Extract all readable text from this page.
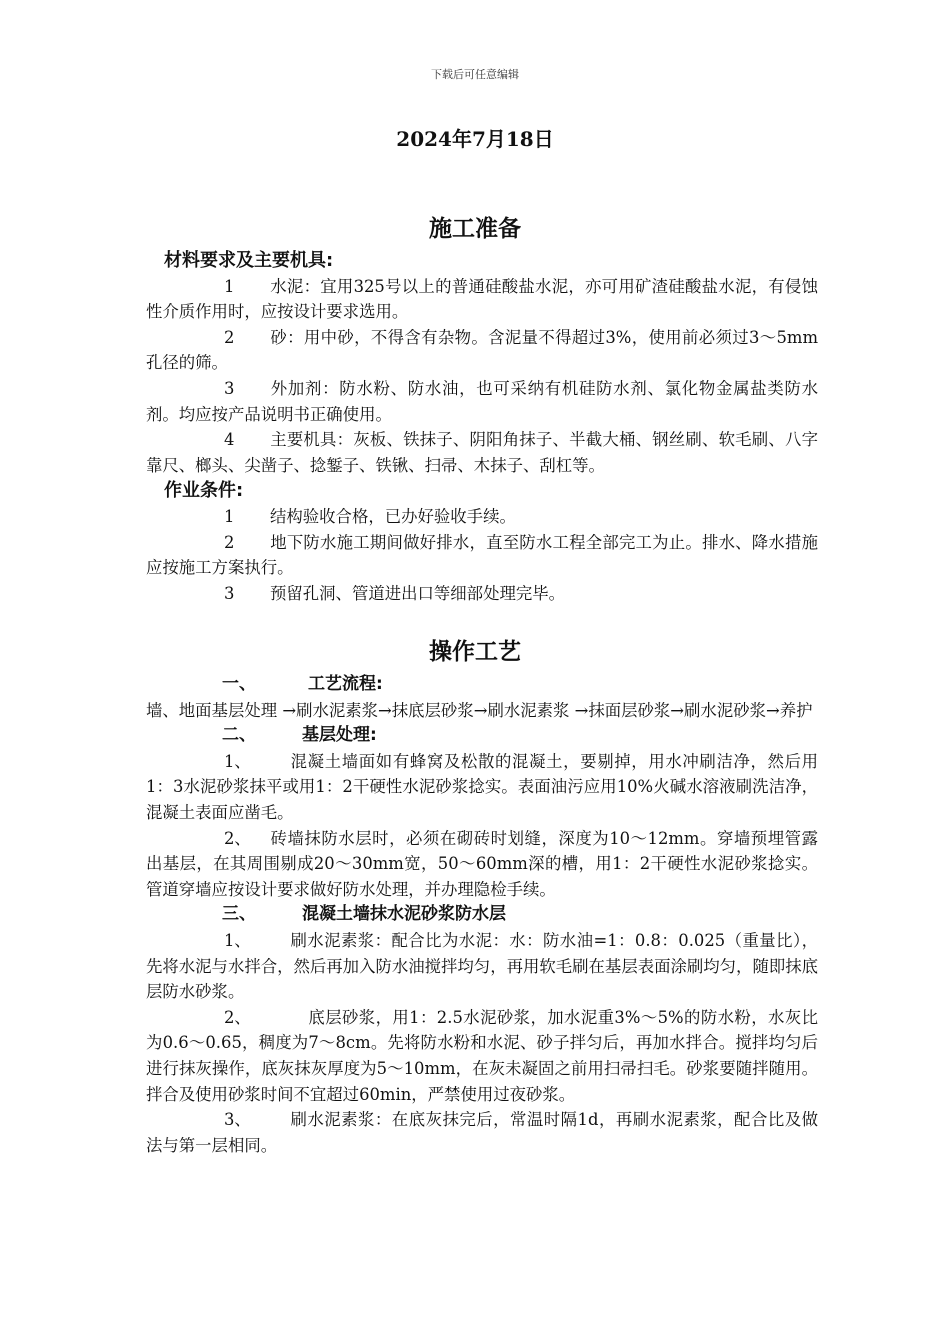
下载后可任意编辑
2024年7月18日
施工准备
材料要求及主要机具:
1 水泥：宜用325号以上的普通硅酸盐水泥，亦可用矿渣硅酸盐水泥，有侵蚀性介质作用时，应按设计要求选用。
2 砂：用中砂，不得含有杂物。含泥量不得超过3%，使用前必须过3～5mm孔径的筛。
3 外加剂：防水粉、防水油，也可采纳有机硅防水剂、氯化物金属盐类防水剂。均应按产品说明书正确使用。
4 主要机具：灰板、铁抹子、阴阳角抹子、半截大桶、钢丝刷、软毛刷、八字靠尺、榔头、尖凿子、捻錾子、铁锹、扫帚、木抹子、刮杠等。
作业条件:
1 结构验收合格，已办好验收手续。
2 地下防水施工期间做好排水，直至防水工程全部完工为止。排水、降水措施应按施工方案执行。
3 预留孔洞、管道进出口等细部处理完毕。
操作工艺
一、	工艺流程:
墙、地面基层处理 →刷水泥素浆→抹底层砂浆→刷水泥素浆 →抹面层砂浆→刷水泥砂浆→养护
二、	基层处理:
1、 混凝土墙面如有蜂窝及松散的混凝土，要剔掉，用水冲刷洁净，然后用1：3水泥砂浆抹平或用1：2干硬性水泥砂浆捻实。表面油污应用10%火碱水溶液刷洗洁净，混凝土表面应凿毛。
2、 砖墙抹防水层时，必须在砌砖时划缝，深度为10～12mm。穿墙预埋管露出基层，在其周围剔成20～30mm宽，50～60mm深的槽，用1：2干硬性水泥砂浆捻实。管道穿墙应按设计要求做好防水处理，并办理隐检手续。
三、	混凝土墙抹水泥砂浆防水层
1、 刷水泥素浆：配合比为水泥：水：防水油=1：0.8：0.025（重量比），先将水泥与水拌合，然后再加入防水油搅拌均匀，再用软毛刷在基层表面涂刷均匀，随即抹底层防水砂浆。
2、	底层砂浆，用1：2.5水泥砂浆，加水泥重3%～5%的防水粉，水灰比为0.6～0.65，稠度为7～8cm。先将防水粉和水泥、砂子拌匀后，再加水拌合。搅拌均匀后进行抹灰操作，底灰抹灰厚度为5～10mm，在灰未凝固之前用扫帚扫毛。砂浆要随拌随用。拌合及使用砂浆时间不宜超过60min，严禁使用过夜砂浆。
3、 刷水泥素浆：在底灰抹完后，常温时隔1d，再刷水泥素浆，配合比及做法与第一层相同。
